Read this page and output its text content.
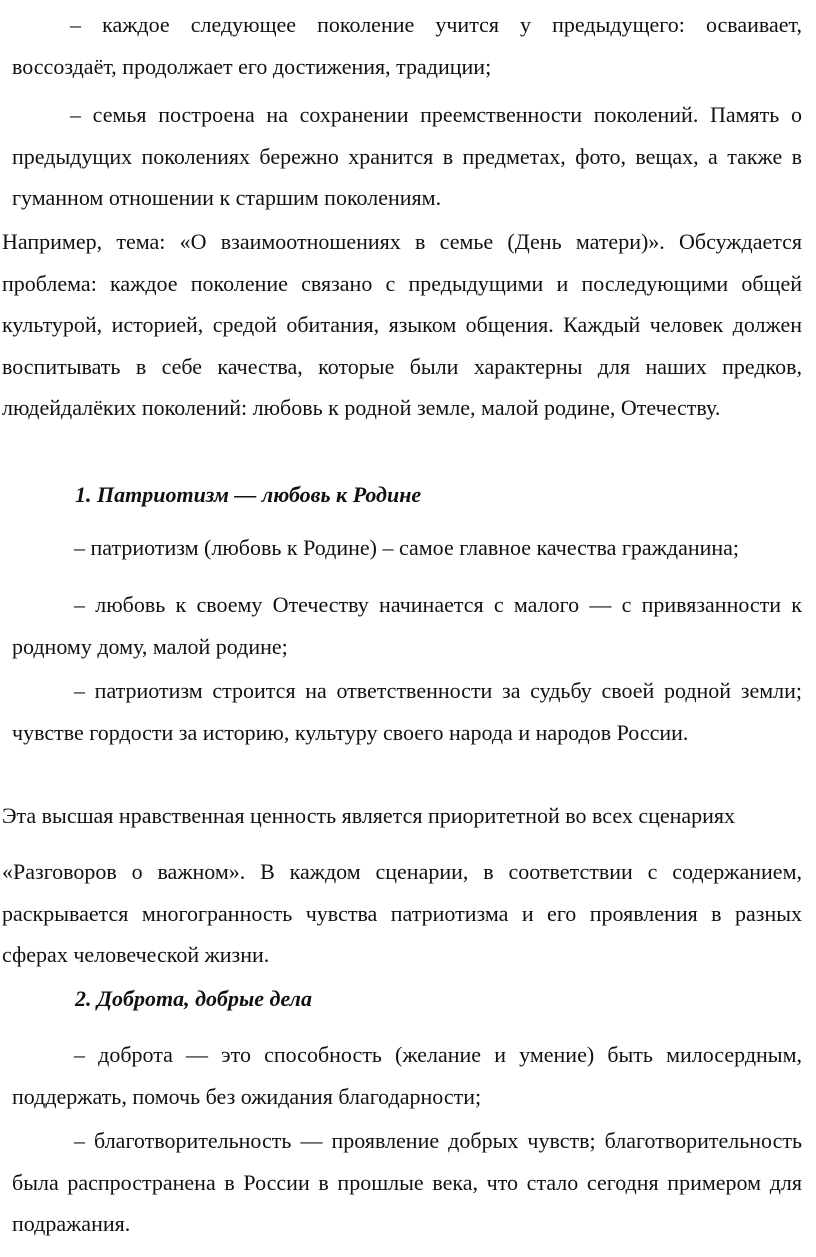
– каждое следующее поколение учится у предыдущего: осваивает, воссоздаёт, продолжает его достижения, традиции;

– семья построена на сохранении преемственности поколений. Память о предыдущих поколениях бережно хранится в предметах, фото, вещах, а также в гуманном отношении к старшим поколениям.

Например, тема: «О взаимоотношениях в семье (День матери)». Обсуждается проблема: каждое поколение связано с предыдущими и последующими общей культурой, историей, средой обитания, языком общения. Каждый человек должен воспитывать в себе качества, которые были характерны для наших предков, людейдалёких поколений: любовь к родной земле, малой родине, Отечеству.

1. Патриотизм — любовь к Родине

– патриотизм (любовь к Родине) – самое главное качества гражданина;

– любовь к своему Отечеству начинается с малого — с привязанности к родному дому, малой родине;

– патриотизм строится на ответственности за судьбу своей родной земли; чувстве гордости за историю, культуру своего народа и народов России.

Эта высшая нравственная ценность является приоритетной во всех сценариях

«Разговоров о важном». В каждом сценарии, в соответствии с содержанием, раскрывается многогранность чувства патриотизма и его проявления в разных сферах человеческой жизни.

2. Доброта, добрые дела

– доброта — это способность (желание и умение) быть милосердным, поддержать, помочь без ожидания благодарности;

– благотворительность — проявление добрых чувств; благотворительность была распространена в России в прошлые века, что стало сегодня примером для подражания.
